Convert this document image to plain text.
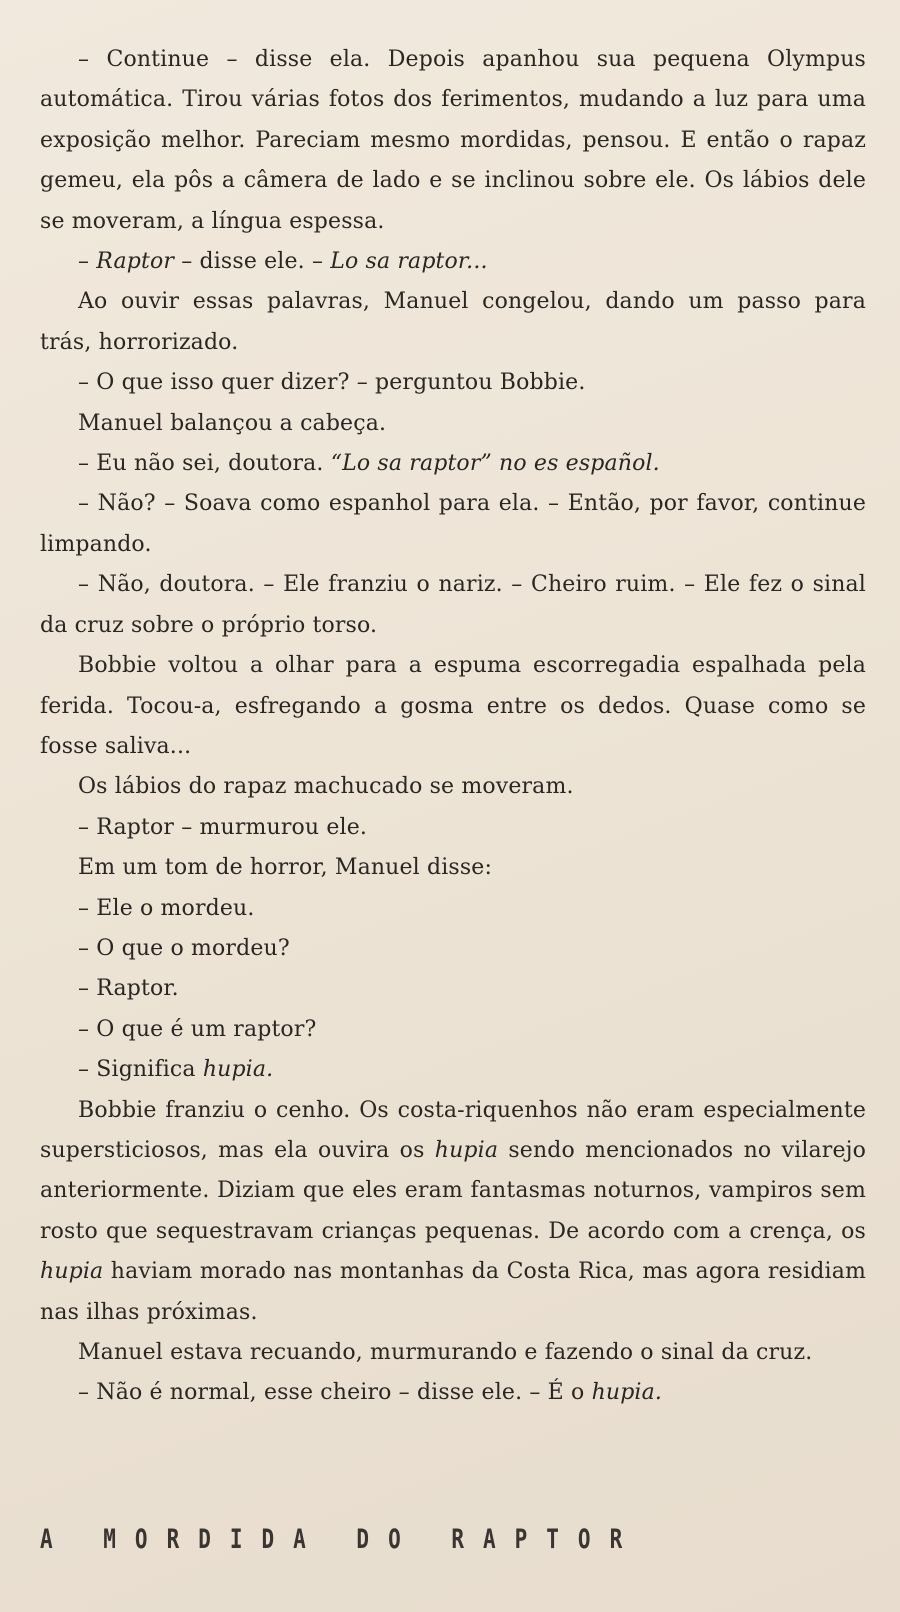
– Continue – disse ela. Depois apanhou sua pequena Olympus automática. Tirou várias fotos dos ferimentos, mudando a luz para uma exposição melhor. Pareciam mesmo mordidas, pensou. E então o rapaz gemeu, ela pôs a câmera de lado e se inclinou sobre ele. Os lábios dele se moveram, a língua espessa.

– Raptor – disse ele. – Lo sa raptor...

Ao ouvir essas palavras, Manuel congelou, dando um passo para trás, horrorizado.

– O que isso quer dizer? – perguntou Bobbie.

Manuel balançou a cabeça.

– Eu não sei, doutora. “Lo sa raptor” no es español.

– Não? – Soava como espanhol para ela. – Então, por favor, continue limpando.

– Não, doutora. – Ele franziu o nariz. – Cheiro ruim. – Ele fez o sinal da cruz sobre o próprio torso.

Bobbie voltou a olhar para a espuma escorregadia espalhada pela ferida. Tocou-a, esfregando a gosma entre os dedos. Quase como se fosse saliva...

Os lábios do rapaz machucado se moveram.

– Raptor – murmurou ele.

Em um tom de horror, Manuel disse:

– Ele o mordeu.

– O que o mordeu?

– Raptor.

– O que é um raptor?

– Significa hupia.

Bobbie franziu o cenho. Os costa-riquenhos não eram especialmente supersticiosos, mas ela ouvira os hupia sendo mencionados no vilarejo anteriormente. Diziam que eles eram fantasmas noturnos, vampiros sem rosto que sequestravam crianças pequenas. De acordo com a crença, os hupia haviam morado nas montanhas da Costa Rica, mas agora residiam nas ilhas próximas.

Manuel estava recuando, murmurando e fazendo o sinal da cruz.

– Não é normal, esse cheiro – disse ele. – É o hupia.

A MORDIDA DO RAPTOR
